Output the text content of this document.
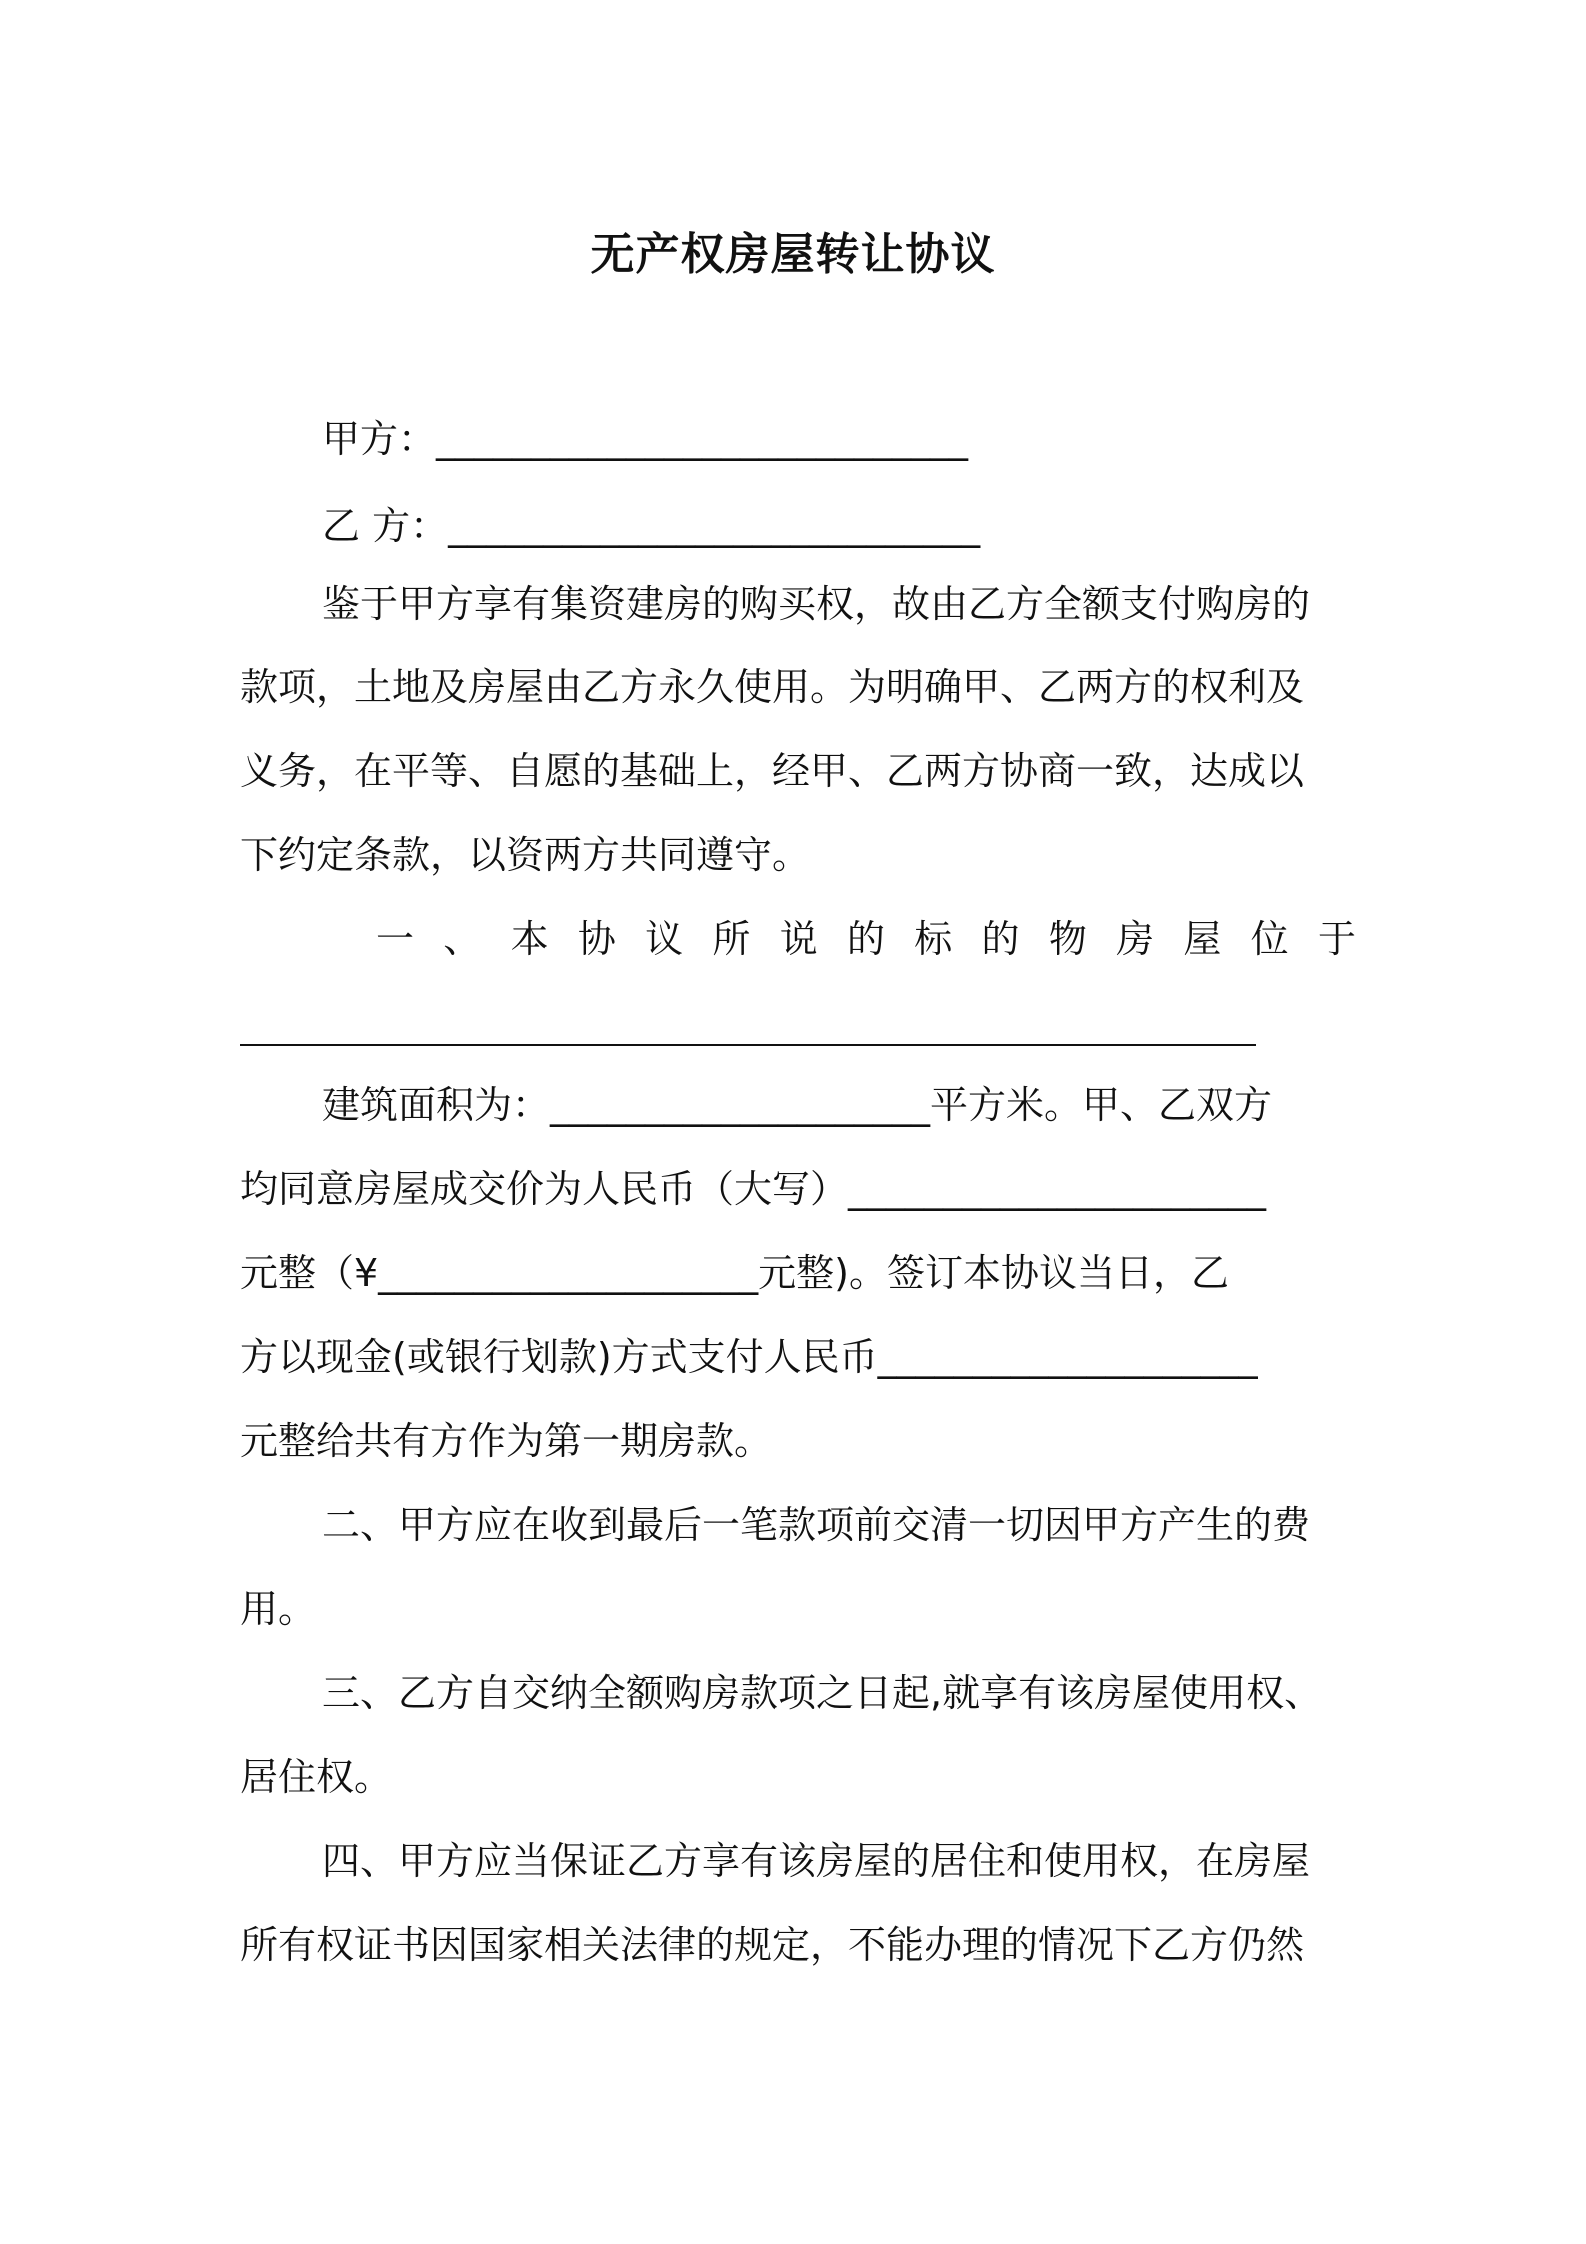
无产权房屋转让协议
甲方：____________________________
乙 方：____________________________
鉴于甲方享有集资建房的购买权，故由乙方全额支付购房的
款项，土地及房屋由乙方永久使用。为明确甲、乙两方的权利及
义务，在平等、自愿的基础上，经甲、乙两方协商一致，达成以
下约定条款，以资两方共同遵守。
一 、 本 协 议 所 说 的 标 的 物 房 屋 位 于
建筑面积为：____________________平方米。甲、乙双方
均同意房屋成交价为人民币（大写）______________________
元整（¥____________________元整)。签订本协议当日，乙
方以现金(或银行划款)方式支付人民币____________________
元整给共有方作为第一期房款。
二、甲方应在收到最后一笔款项前交清一切因甲方产生的费
用。
三、乙方自交纳全额购房款项之日起,就享有该房屋使用权、
居住权。
四、甲方应当保证乙方享有该房屋的居住和使用权，在房屋
所有权证书因国家相关法律的规定，不能办理的情况下乙方仍然
